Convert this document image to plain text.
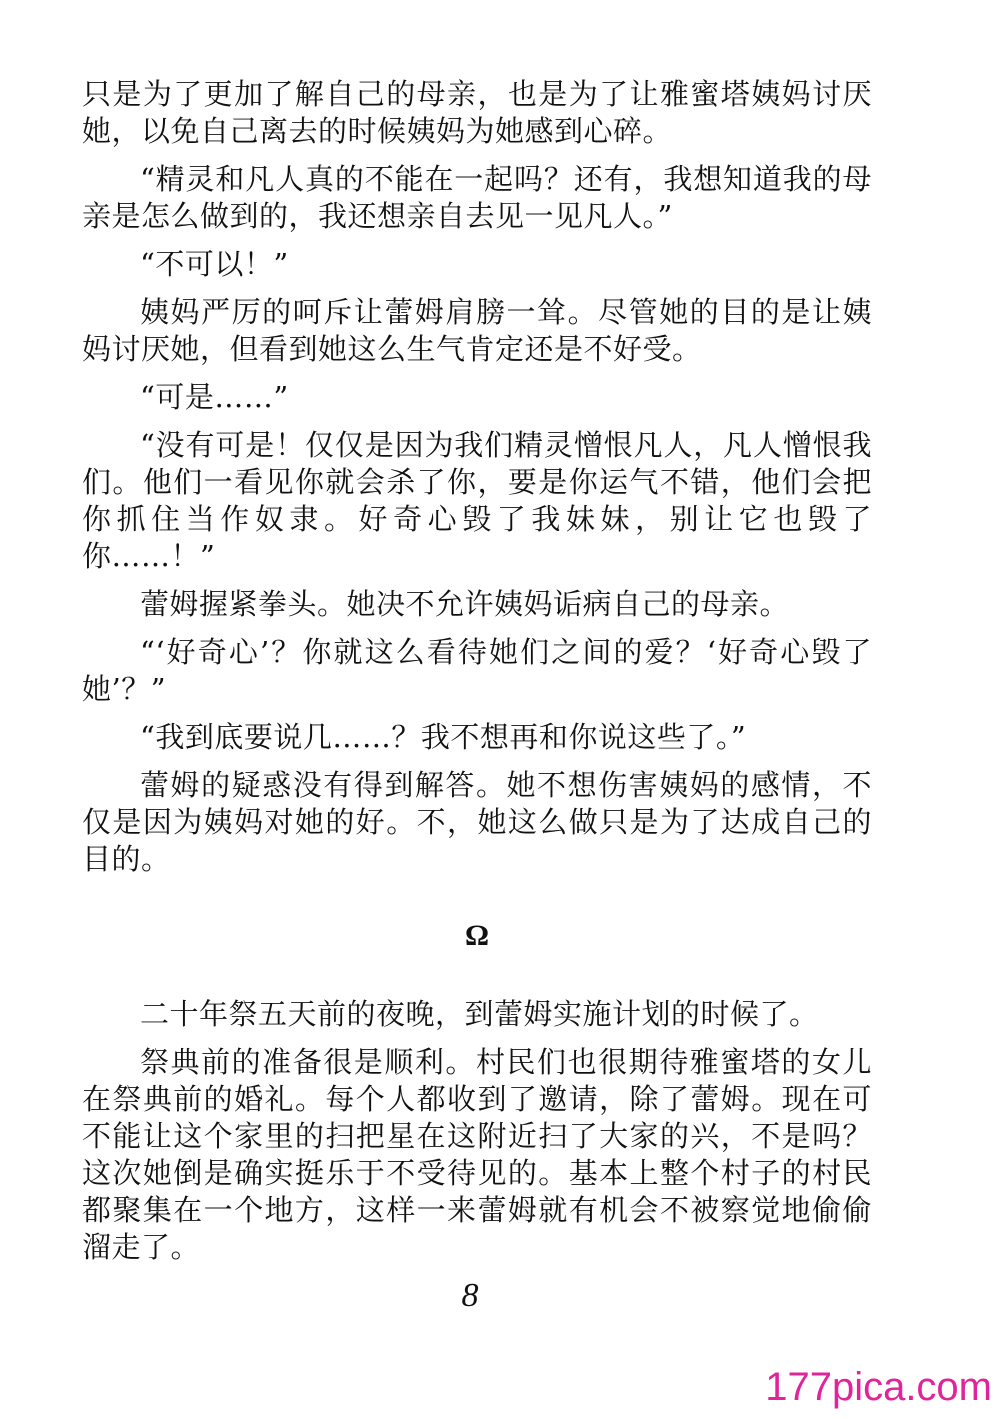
只是为了更加了解自己的母亲，也是为了让雅蜜塔姨妈讨厌她，以免自己离去的时候姨妈为她感到心碎。

“精灵和凡人真的不能在一起吗？还有，我想知道我的母亲是怎么做到的，我还想亲自去见一见凡人。”

“不可以！”

姨妈严厉的呵斥让蕾姆肩膀一耸。尽管她的目的是让姨妈讨厌她，但看到她这么生气肯定还是不好受。

“可是……”

“没有可是！仅仅是因为我们精灵憎恨凡人，凡人憎恨我们。他们一看见你就会杀了你，要是你运气不错，他们会把你抓住当作奴隶。好奇心毁了我妹妹，别让它也毁了你……！”

蕾姆握紧拳头。她决不允许姨妈诟病自己的母亲。

“‘好奇心’？你就这么看待她们之间的爱？‘好奇心毁了她’？”

“我到底要说几……？我不想再和你说这些了。”

蕾姆的疑惑没有得到解答。她不想伤害姨妈的感情，不仅是因为姨妈对她的好。不，她这么做只是为了达成自己的目的。

Ω

二十年祭五天前的夜晚，到蕾姆实施计划的时候了。

祭典前的准备很是顺利。村民们也很期待雅蜜塔的女儿在祭典前的婚礼。每个人都收到了邀请，除了蕾姆。现在可不能让这个家里的扫把星在这附近扫了大家的兴，不是吗？这次她倒是确实挺乐于不受待见的。基本上整个村子的村民都聚集在一个地方，这样一来蕾姆就有机会不被察觉地偷偷溜走了。

8
177pica.com
